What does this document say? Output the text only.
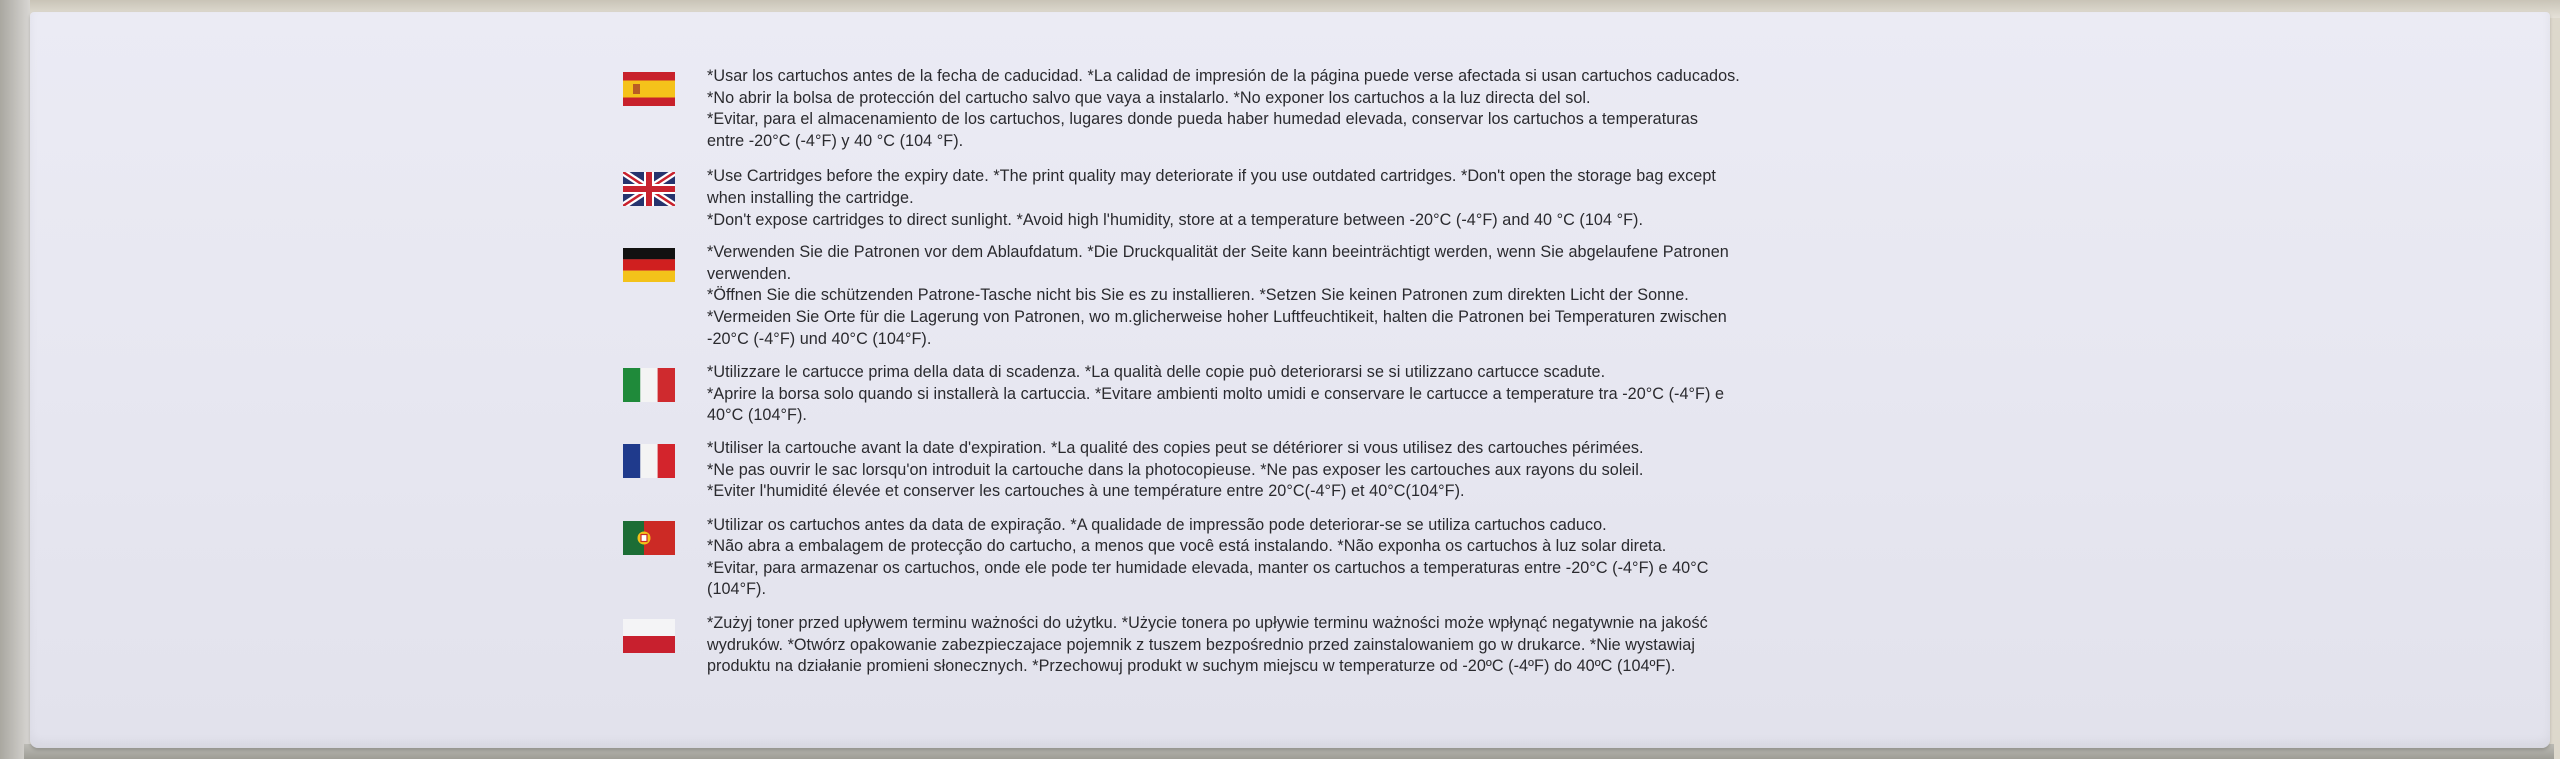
*Usar los cartuchos antes de la fecha de caducidad. *La calidad de impresión de la página puede verse afectada si usan cartuchos caducados.

*No abrir la bolsa de protección del cartucho salvo que vaya a instalarlo. *No exponer los cartuchos a la luz directa del sol.

*Evitar, para el almacenamiento de los cartuchos, lugares donde pueda haber humedad elevada, conservar los cartuchos a temperaturas

entre -20°C (-4°F) y 40 °C (104 °F).

*Use Cartridges before the expiry date. *The print quality may deteriorate if you use outdated cartridges. *Don't open the storage bag except

when installing the cartridge.

*Don't expose cartridges to direct sunlight. *Avoid high l'humidity, store at a temperature between -20°C (-4°F) and 40 °C (104 °F).

*Verwenden Sie die Patronen vor dem Ablaufdatum. *Die Druckqualität der Seite kann beeinträchtigt werden, wenn Sie abgelaufene Patronen

verwenden.

*Öffnen Sie die schützenden Patrone-Tasche nicht bis Sie es zu installieren. *Setzen Sie keinen Patronen zum direkten Licht der Sonne.

*Vermeiden Sie Orte für die Lagerung von Patronen, wo m.glicherweise hoher Luftfeuchtikeit, halten die Patronen bei Temperaturen zwischen

-20°C (-4°F) und 40°C (104°F).

*Utilizzare le cartucce prima della data di scadenza. *La qualità delle copie può deteriorarsi se si utilizzano cartucce scadute.

*Aprire la borsa solo quando si installerà la cartuccia. *Evitare ambienti molto umidi e conservare le cartucce a temperature tra -20°C (-4°F) e

40°C (104°F).

*Utiliser la cartouche avant la date d'expiration. *La qualité des copies peut se détériorer si vous utilisez des cartouches périmées.

*Ne pas ouvrir le sac lorsqu'on introduit la cartouche dans la photocopieuse. *Ne pas exposer les cartouches aux rayons du soleil.

*Eviter l'humidité élevée et conserver les cartouches à une température entre 20°C(-4°F) et 40°C(104°F).

*Utilizar os cartuchos antes da data de expiração. *A qualidade de impressão pode deteriorar-se se utiliza cartuchos caduco.

*Não abra a embalagem de protecção do cartucho, a menos que você está instalando. *Não exponha os cartuchos à luz solar direta.

*Evitar, para armazenar os cartuchos, onde ele pode ter humidade elevada, manter os cartuchos a temperaturas entre -20°C (-4°F) e 40°C

(104°F).

*Zużyj toner przed upływem terminu ważności do użytku. *Użycie tonera po upływie terminu ważności może wpłynąć negatywnie na jakość

wydruków. *Otwórz opakowanie zabezpieczajace pojemnik z tuszem bezpośrednio przed zainstalowaniem go w drukarce. *Nie wystawiaj

produktu na działanie promieni słonecznych. *Przechowuj produkt w suchym miejscu w temperaturze od -20ºC (-4ºF) do 40ºC (104ºF).
